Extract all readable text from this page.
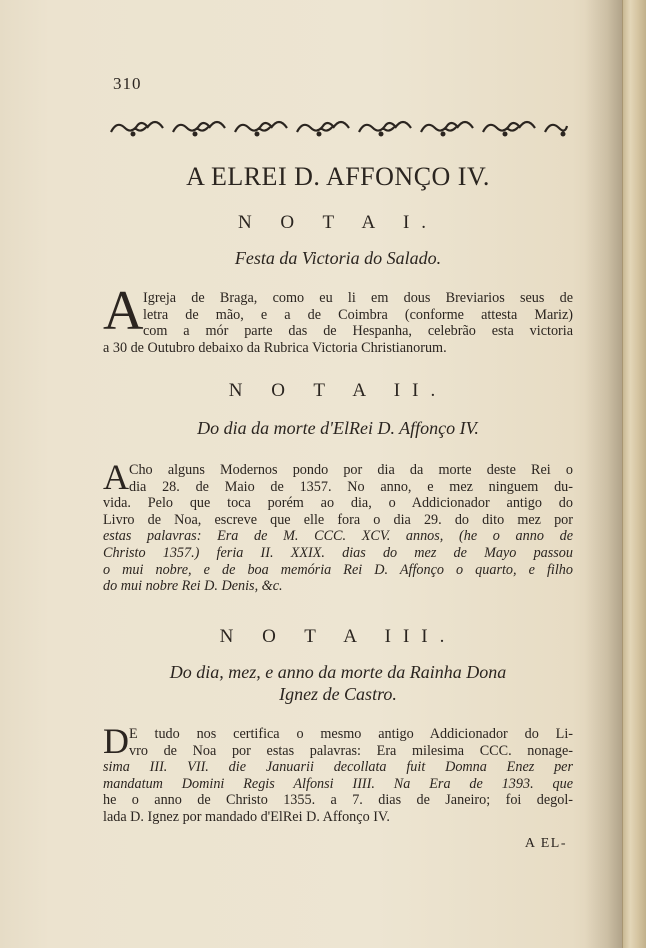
310
A ELREI D. AFFONÇO IV.
N O T A I.
Festa da Victoria do Salado.
A Igreja de Braga, como eu li em dous Breviarios seus de
letra de mão, e a de Coimbra (conforme attesta Mariz)
com a mór parte das de Hespanha, celebrão esta victoria
a 30 de Outubro debaixo da Rubrica Victoria Christianorum.
N O T A II.
Do dia da morte d'ElRei D. Affonço IV.
A Cho alguns Modernos pondo por dia da morte deste Rei o
dia 28. de Maio de 1357. No anno, e mez ninguem du-
vida. Pelo que toca porém ao dia, o Addicionador antigo do
Livro de Noa, escreve que elle fora o dia 29. do dito mez por
estas palavras: Era de M. CCC. XCV. annos, (he o anno de
Christo 1357.) feria II. XXIX. dias do mez de Mayo passou
o mui nobre, e de boa memória Rei D. Affonço o quarto, e filho
do mui nobre Rei D. Denis, &c.
N O T A III.
Do dia, mez, e anno da morte da Rainha Dona
Ignez de Castro.
D E tudo nos certifica o mesmo antigo Addicionador do Li-
vro de Noa por estas palavras: Era milesima CCC. nonage-
sima III. VII. die Januarii decollata fuit Domna Enez per
mandatum Domini Regis Alfonsi IIII. Na Era de 1393. que
he o anno de Christo 1355. a 7. dias de Janeiro; foi degol-
lada D. Ignez por mandado d'ElRei D. Affonço IV.
A EL-
